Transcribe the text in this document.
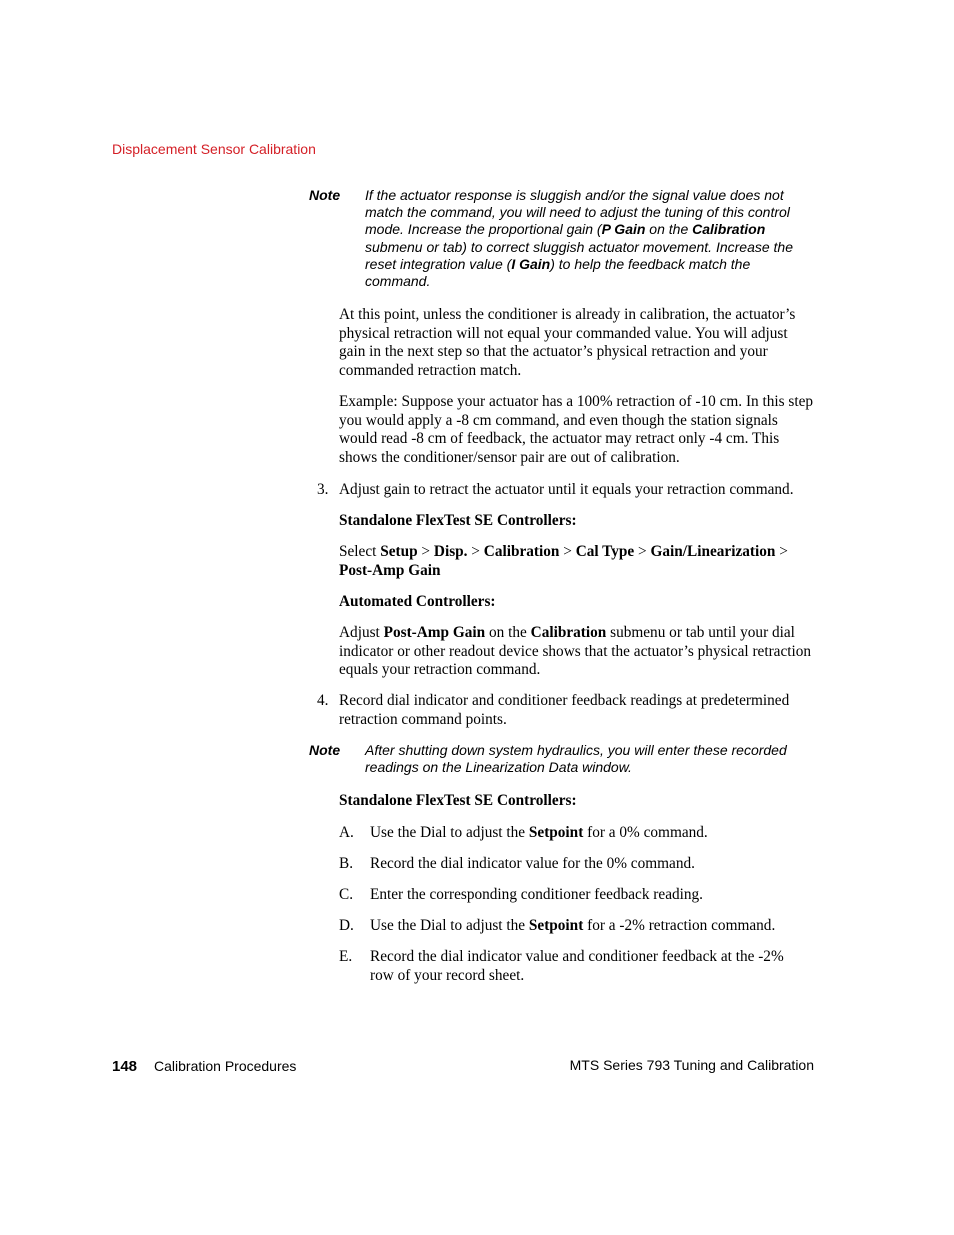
Displacement Sensor Calibration
Note If the actuator response is sluggish and/or the signal value does not match the command, you will need to adjust the tuning of this control mode. Increase the proportional gain (P Gain on the Calibration submenu or tab) to correct sluggish actuator movement. Increase the reset integration value (I Gain) to help the feedback match the command.
At this point, unless the conditioner is already in calibration, the actuator’s physical retraction will not equal your commanded value. You will adjust gain in the next step so that the actuator’s physical retraction and your commanded retraction match.
Example: Suppose your actuator has a 100% retraction of -10 cm. In this step you would apply a -8 cm command, and even though the station signals would read -8 cm of feedback, the actuator may retract only -4 cm. This shows the conditioner/sensor pair are out of calibration.
3. Adjust gain to retract the actuator until it equals your retraction command.
Standalone FlexTest SE Controllers:
Select Setup > Disp. > Calibration > Cal Type > Gain/Linearization > Post-Amp Gain
Automated Controllers:
Adjust Post-Amp Gain on the Calibration submenu or tab until your dial indicator or other readout device shows that the actuator’s physical retraction equals your retraction command.
4. Record dial indicator and conditioner feedback readings at predetermined retraction command points.
Note After shutting down system hydraulics, you will enter these recorded readings on the Linearization Data window.
Standalone FlexTest SE Controllers:
A. Use the Dial to adjust the Setpoint for a 0% command.
B. Record the dial indicator value for the 0% command.
C. Enter the corresponding conditioner feedback reading.
D. Use the Dial to adjust the Setpoint for a -2% retraction command.
E. Record the dial indicator value and conditioner feedback at the -2% row of your record sheet.
148 Calibration Procedures	MTS Series 793 Tuning and Calibration
